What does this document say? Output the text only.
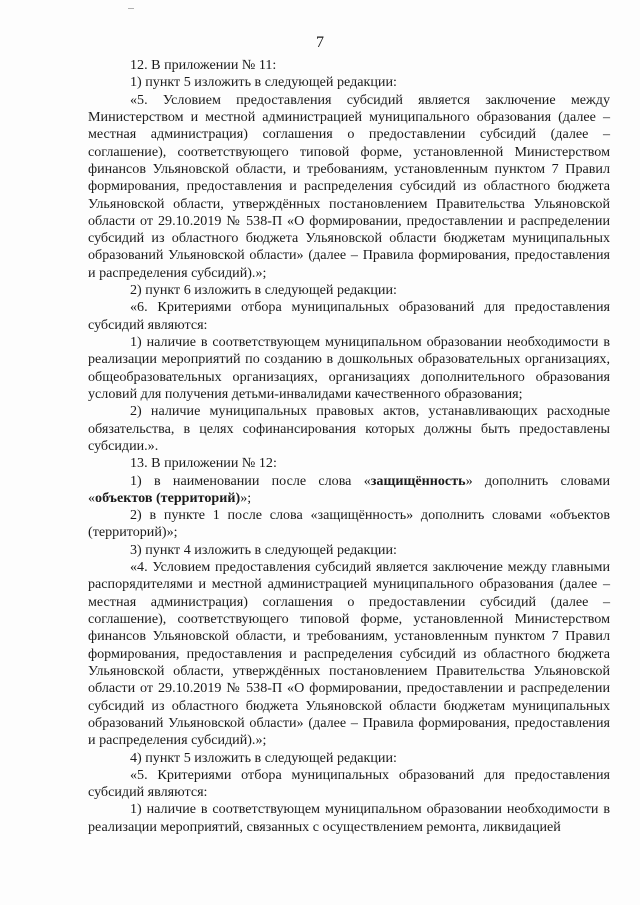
7

12. В приложении № 11:

1) пункт 5 изложить в следующей редакции:

«5. Условием предоставления субсидий является заключение между Министерством и местной администрацией муниципального образования (далее – местная администрация) соглашения о предоставлении субсидий (далее – соглашение), соответствующего типовой форме, установленной Министерством финансов Ульяновской области, и требованиям, установленным пунктом 7 Правил формирования, предоставления и распределения субсидий из областного бюджета Ульяновской области, утверждённых постановлением Правительства Ульяновской области от 29.10.2019 № 538-П «О формировании, предоставлении и распределении субсидий из областного бюджета Ульяновской области бюджетам муниципальных образований Ульяновской области» (далее – Правила формирования, предоставления и распределения субсидий).»;

2) пункт 6 изложить в следующей редакции:

«6. Критериями отбора муниципальных образований для предоставления субсидий являются:

1) наличие в соответствующем муниципальном образовании необходимости в реализации мероприятий по созданию в дошкольных образовательных организациях, общеобразовательных организациях, организациях дополнительного образования условий для получения детьми-инвалидами качественного образования;

2) наличие муниципальных правовых актов, устанавливающих расходные обязательства, в целях софинансирования которых должны быть предоставлены субсидии.».

13. В приложении № 12:

1) в наименовании после слова «защищённость» дополнить словами «объектов (территорий)»;

2) в пункте 1 после слова «защищённость» дополнить словами «объектов (территорий)»;

3) пункт 4 изложить в следующей редакции:

«4. Условием предоставления субсидий является заключение между главными распорядителями и местной администрацией муниципального образования (далее – местная администрация) соглашения о предоставлении субсидий (далее – соглашение), соответствующего типовой форме, установленной Министерством финансов Ульяновской области, и требованиям, установленным пунктом 7 Правил формирования, предоставления и распределения субсидий из областного бюджета Ульяновской области, утверждённых постановлением Правительства Ульяновской области от 29.10.2019 № 538-П «О формировании, предоставлении и распределении субсидий из областного бюджета Ульяновской области бюджетам муниципальных образований Ульяновской области» (далее – Правила формирования, предоставления и распределения субсидий).»;

4) пункт 5 изложить в следующей редакции:

«5. Критериями отбора муниципальных образований для предоставления субсидий являются:

1) наличие в соответствующем муниципальном образовании необходимости в реализации мероприятий, связанных с осуществлением ремонта, ликвидацией
